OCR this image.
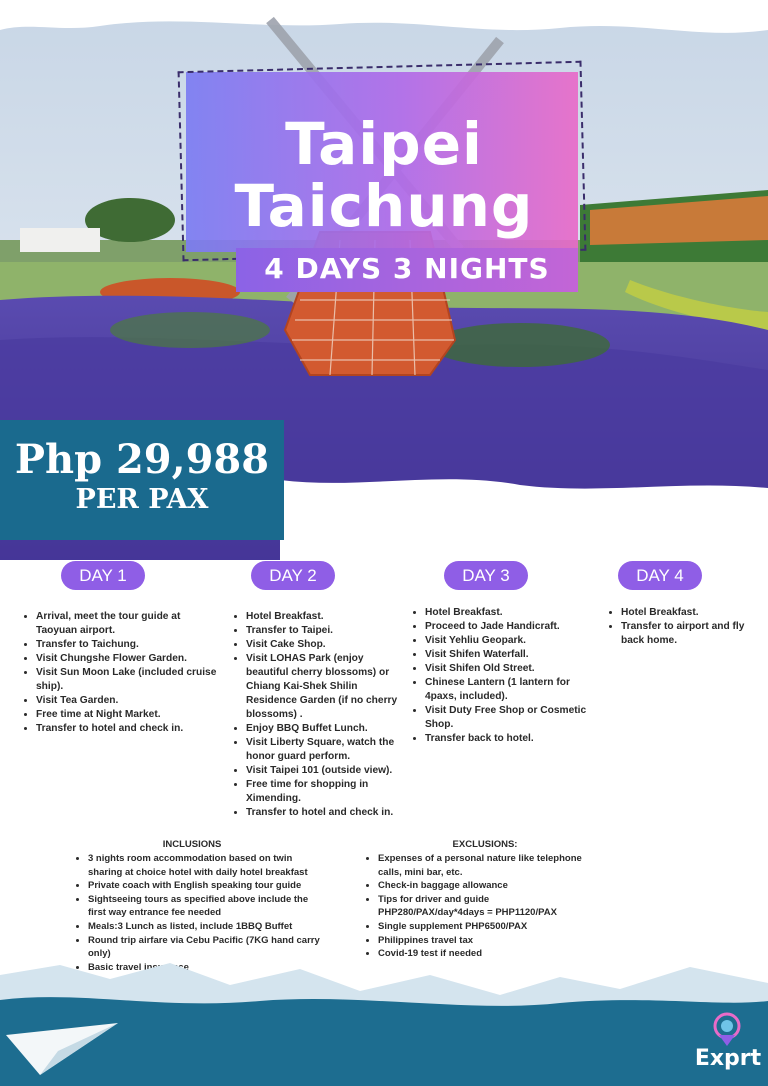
Taipei
Taichung
4 DAYS 3 NIGHTS
Php 29,988
PER PAX
DAY 1	DAY 2	DAY 3	DAY 4
• Arrival, meet the tour guide at Taoyuan airport.
• Transfer to Taichung.
• Visit Chungshe Flower Garden.
• Visit Sun Moon Lake (included cruise ship).
• Visit Tea Garden.
• Free time at Night Market.
• Transfer to hotel and check in.
• Hotel Breakfast.
• Transfer to Taipei.
• Visit Cake Shop.
• Visit LOHAS Park (enjoy beautiful cherry blossoms) or Chiang Kai-Shek Shilin Residence Garden (if no cherry blossoms) .
• Enjoy BBQ Buffet Lunch.
• Visit Liberty Square, watch the honor guard perform.
• Visit Taipei 101 (outside view).
• Free time for shopping in Ximending.
• Transfer to hotel and check in.
• Hotel Breakfast.
• Proceed to Jade Handicraft.
• Visit Yehliu Geopark.
• Visit Shifen Waterfall.
• Visit Shifen Old Street.
• Chinese Lantern (1 lantern for 4paxs, included).
• Visit Duty Free Shop or Cosmetic Shop.
• Transfer back to hotel.
• Hotel Breakfast.
• Transfer to airport and fly back home.
INCLUSIONS
• 3 nights room accommodation based on twin sharing at choice hotel with daily hotel breakfast
• Private coach with English speaking tour guide
• Sightseeing tours as specified above include the first way entrance fee needed
• Meals:3 Lunch as listed, include 1BBQ Buffet
• Round trip airfare via Cebu Pacific (7KG hand carry only)
• Basic travel insurance
EXCLUSIONS:
• Expenses of a personal nature like telephone calls, mini bar, etc.
• Check-in baggage allowance
• Tips for driver and guide PHP280/PAX/day*4days = PHP1120/PAX
• Single supplement PHP6500/PAX
• Philippines travel tax
• Covid-19 test if needed
Exprt
